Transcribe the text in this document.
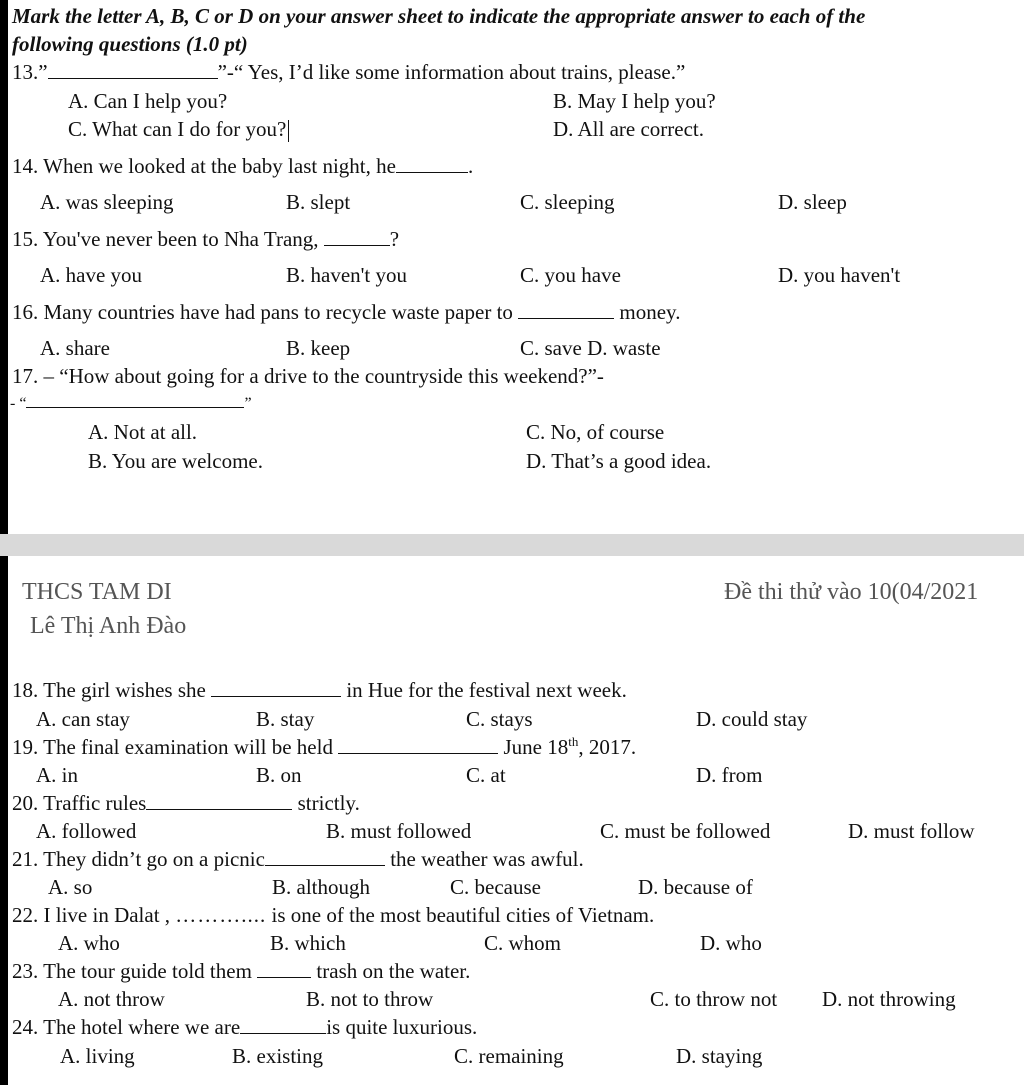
Mark the letter A, B, C or D on your answer sheet to indicate the appropriate answer to each of the
following questions (1.0 pt)
13.”	”-“ Yes, I’d like some information about trains, please.”
A. Can I help you?	B. May I help you?
C. What can I do for you?	D. All are correct.
14. When we looked at the baby last night, he	.
A. was sleeping	B. slept	C. sleeping	D. sleep
15. You've never been to Nha Trang,	?
A. have you	B. haven't you	C. you have	D. you haven't
16. Many countries have had pans to recycle waste paper to	money.
A. share	B. keep	C. save D. waste
17. – “How about going for a drive to the countryside this weekend?”-
- “	”
A. Not at all.	C. No, of course
B. You are welcome.	D. That’s a good idea.
THCS TAM DI	Đề thi thử vào 10(04/2021
Lê Thị Anh Đào
18. The girl wishes she	in Hue for the festival next week.
A. can stay	B. stay	C. stays	D. could stay
19. The final examination will be held	June 18th, 2017.
A. in	B. on	C. at	D. from
20. Traffic rules	strictly.
A. followed	B. must followed	C. must be followed	D. must follow
21. They didn’t go on a picnic	the weather was awful.
A. so	B. although	C. because	D. because of
22. I live in Dalat , ……….... is one of the most beautiful cities of Vietnam.
A. who	B. which	C. whom	D. who
23. The tour guide told them	trash on the water.
A. not throw	B. not to throw	C. to throw not D. not throwing
24. The hotel where we are	is quite luxurious.
A. living	B. existing	C. remaining	D. staying
